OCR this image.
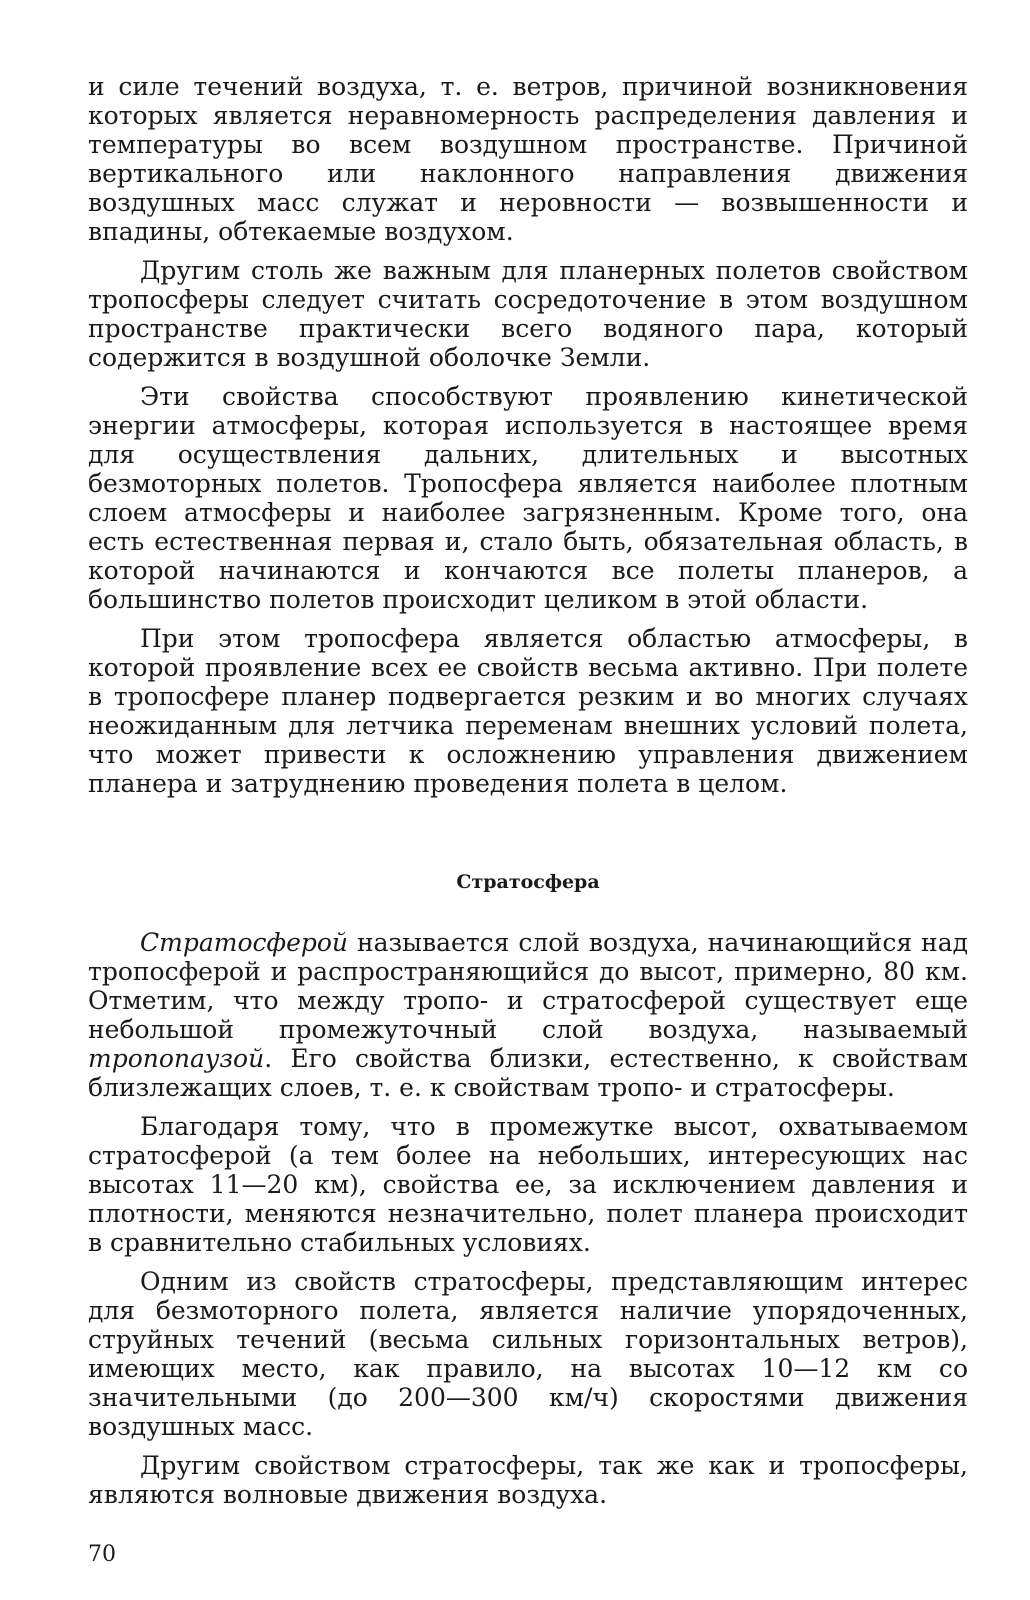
и силе течений воздуха, т. е. ветров, причиной возникновения которых является неравномерность распределения давления и температуры во всем воздушном пространстве. Причиной вертикального или наклонного направления движения воздушных масс служат и неровности — возвышенности и впадины, обтекаемые воздухом.

Другим столь же важным для планерных полетов свойством тропосферы следует считать сосредоточение в этом воздушном пространстве практически всего водяного пара, который содержится в воздушной оболочке Земли.

Эти свойства способствуют проявлению кинетической энергии атмосферы, которая используется в настоящее время для осуществления дальних, длительных и высотных безмоторных полетов. Тропосфера является наиболее плотным слоем атмосферы и наиболее загрязненным. Кроме того, она есть естественная первая и, стало быть, обязательная область, в которой начинаются и кончаются все полеты планеров, а большинство полетов происходит целиком в этой области.

При этом тропосфера является областью атмосферы, в которой проявление всех ее свойств весьма активно. При полете в тропосфере планер подвергается резким и во многих случаях неожиданным для летчика переменам внешних условий полета, что может привести к осложнению управления движением планера и затруднению проведения полета в целом.

Стратосфера

Стратосферой называется слой воздуха, начинающийся над тропосферой и распространяющийся до высот, примерно, 80 км. Отметим, что между тропо- и стратосферой существует еще небольшой промежуточный слой воздуха, называемый тропопаузой. Его свойства близки, естественно, к свойствам близлежащих слоев, т. е. к свойствам тропо- и стратосферы.

Благодаря тому, что в промежутке высот, охватываемом стратосферой (а тем более на небольших, интересующих нас высотах 11—20 км), свойства ее, за исключением давления и плотности, меняются незначительно, полет планера происходит в сравнительно стабильных условиях.

Одним из свойств стратосферы, представляющим интерес для безмоторного полета, является наличие упорядоченных, струйных течений (весьма сильных горизонтальных ветров), имеющих место, как правило, на высотах 10—12 км со значительными (до 200—300 км/ч) скоростями движения воздушных масс.

Другим свойством стратосферы, так же как и тропосферы, являются волновые движения воздуха.

70
